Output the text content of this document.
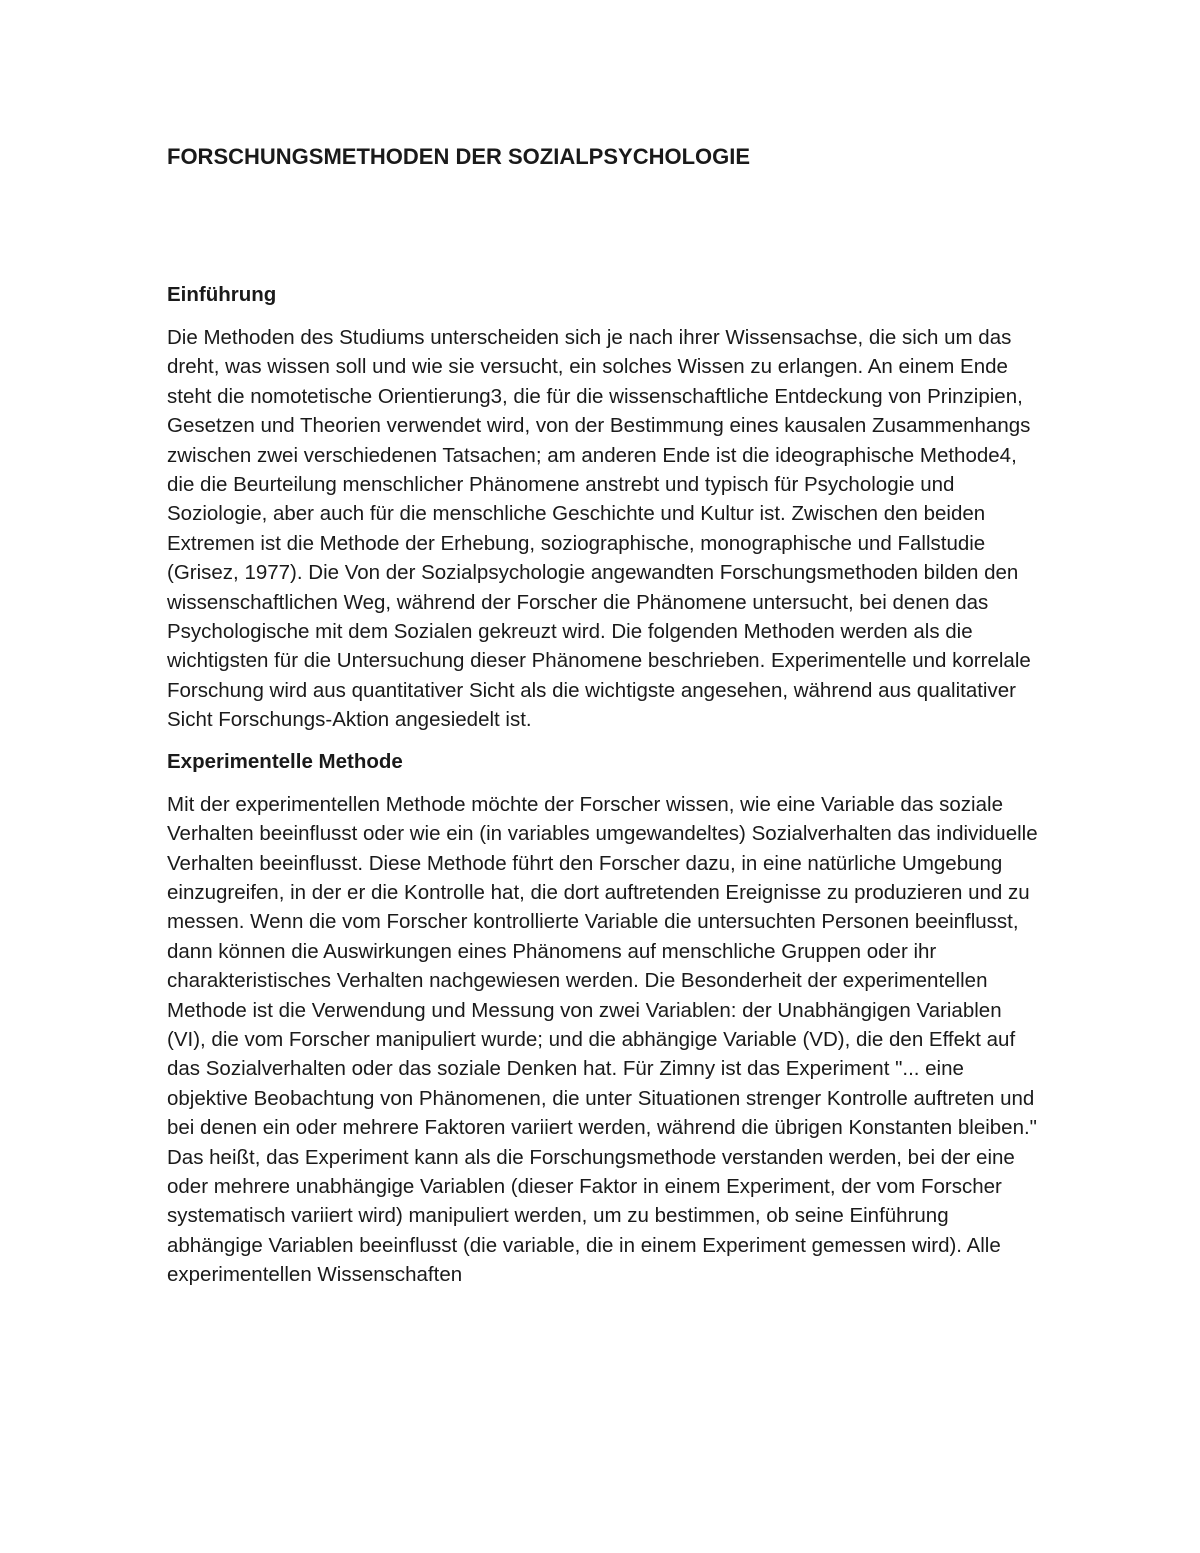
FORSCHUNGSMETHODEN DER SOZIALPSYCHOLOGIE
Einführung

Die Methoden des Studiums unterscheiden sich je nach ihrer Wissensachse, die sich um das dreht, was wissen soll und wie sie versucht, ein solches Wissen zu erlangen. An einem Ende steht die nomotetische Orientierung3, die für die wissenschaftliche Entdeckung von Prinzipien, Gesetzen und Theorien verwendet wird, von der Bestimmung eines kausalen Zusammenhangs zwischen zwei verschiedenen Tatsachen; am anderen Ende ist die ideographische Methode4, die die Beurteilung menschlicher Phänomene anstrebt und typisch für Psychologie und Soziologie, aber auch für die menschliche Geschichte und Kultur ist. Zwischen den beiden Extremen ist die Methode der Erhebung, soziographische, monographische und Fallstudie (Grisez, 1977). Die Von der Sozialpsychologie angewandten Forschungsmethoden bilden den wissenschaftlichen Weg, während der Forscher die Phänomene untersucht, bei denen das Psychologische mit dem Sozialen gekreuzt wird. Die folgenden Methoden werden als die wichtigsten für die Untersuchung dieser Phänomene beschrieben. Experimentelle und korrelale Forschung wird aus quantitativer Sicht als die wichtigste angesehen, während aus qualitativer Sicht Forschungs-Aktion angesiedelt ist.

Experimentelle Methode

Mit der experimentellen Methode möchte der Forscher wissen, wie eine Variable das soziale Verhalten beeinflusst oder wie ein (in variables umgewandeltes) Sozialverhalten das individuelle Verhalten beeinflusst. Diese Methode führt den Forscher dazu, in eine natürliche Umgebung einzugreifen, in der er die Kontrolle hat, die dort auftretenden Ereignisse zu produzieren und zu messen. Wenn die vom Forscher kontrollierte Variable die untersuchten Personen beeinflusst, dann können die Auswirkungen eines Phänomens auf menschliche Gruppen oder ihr charakteristisches Verhalten nachgewiesen werden. Die Besonderheit der experimentellen Methode ist die Verwendung und Messung von zwei Variablen: der Unabhängigen Variablen (VI), die vom Forscher manipuliert wurde; und die abhängige Variable (VD), die den Effekt auf das Sozialverhalten oder das soziale Denken hat. Für Zimny ist das Experiment "... eine objektive Beobachtung von Phänomenen, die unter Situationen strenger Kontrolle auftreten und bei denen ein oder mehrere Faktoren variiert werden, während die übrigen Konstanten bleiben." Das heißt, das Experiment kann als die Forschungsmethode verstanden werden, bei der eine oder mehrere unabhängige Variablen (dieser Faktor in einem Experiment, der vom Forscher systematisch variiert wird) manipuliert werden, um zu bestimmen, ob seine Einführung abhängige Variablen beeinflusst (die variable, die in einem Experiment gemessen wird). Alle experimentellen Wissenschaften
